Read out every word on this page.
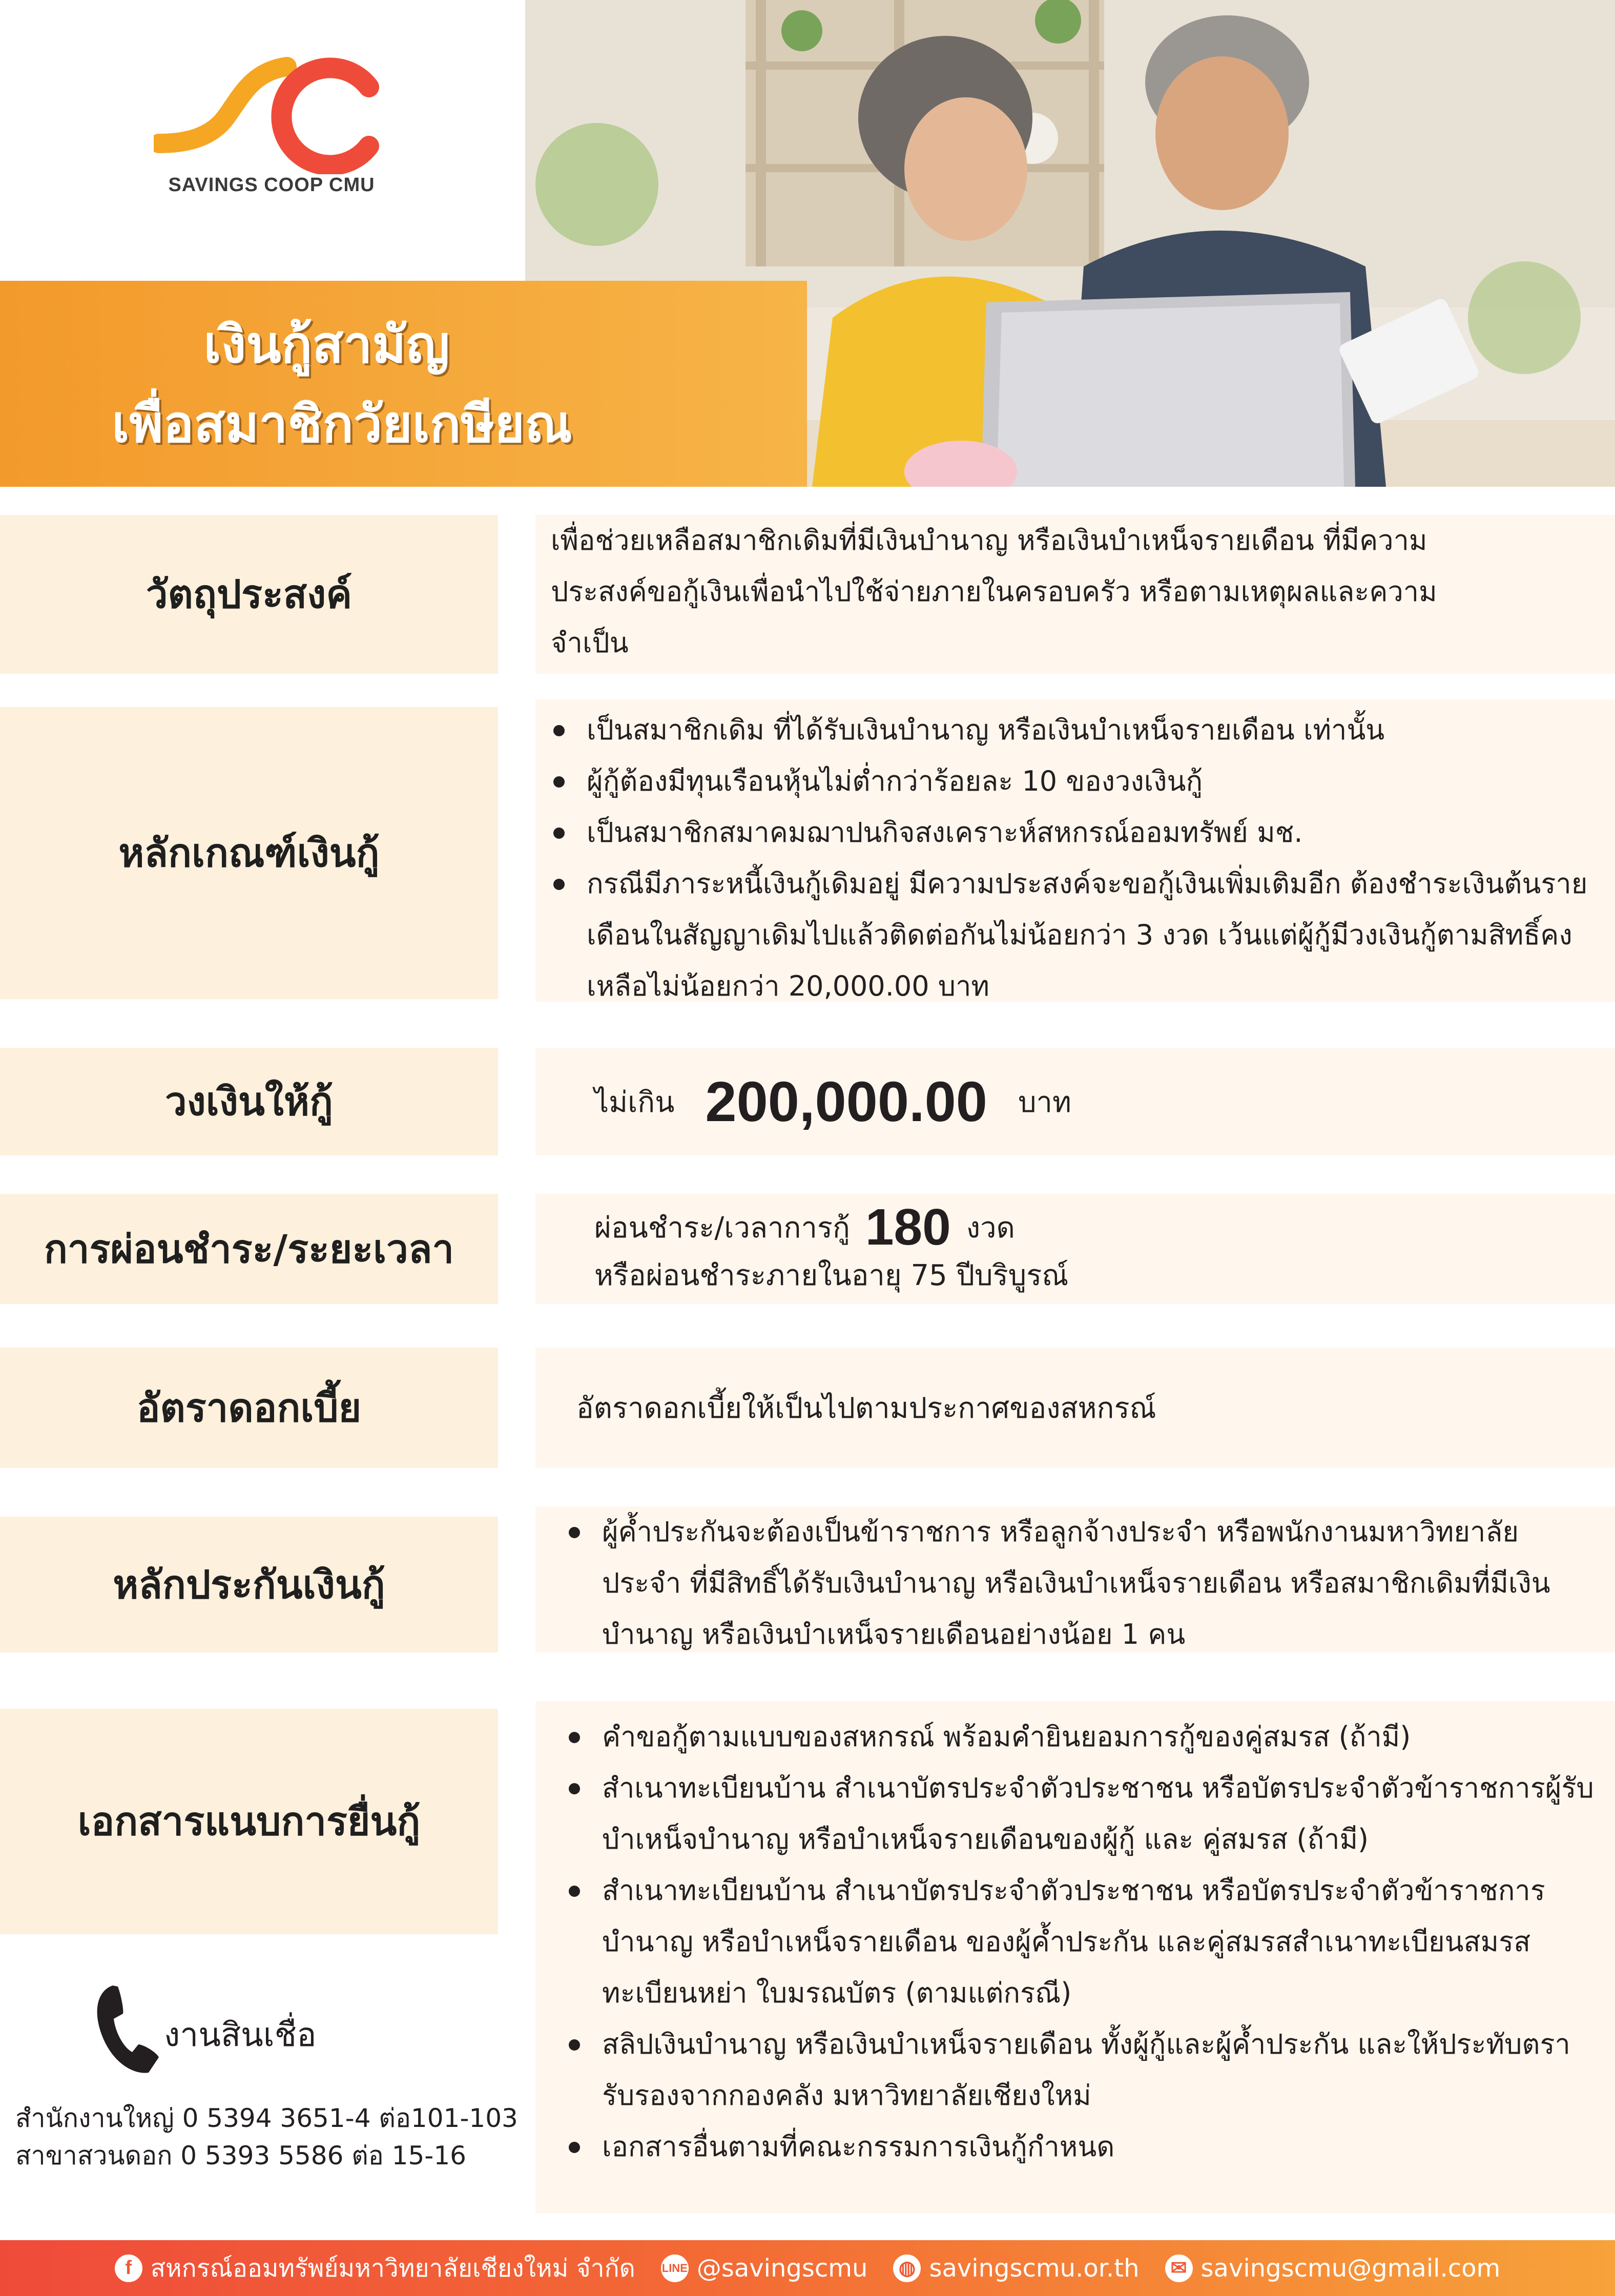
SAVINGS COOP CMU
เงินกู้สามัญ
เพื่อสมาชิกวัยเกษียณ
วัตถุประสงค์
เพื่อช่วยเหลือสมาชิกเดิมที่มีเงินบำนาญ หรือเงินบำเหน็จรายเดือน ที่มีความ
ประสงค์ขอกู้เงินเพื่อนำไปใช้จ่ายภายในครอบครัว หรือตามเหตุผลและความ
จำเป็น
หลักเกณฑ์เงินกู้
เป็นสมาชิกเดิม ที่ได้รับเงินบำนาญ หรือเงินบำเหน็จรายเดือน เท่านั้น
ผู้กู้ต้องมีทุนเรือนหุ้นไม่ต่ำกว่าร้อยละ 10 ของวงเงินกู้
เป็นสมาชิกสมาคมฌาปนกิจสงเคราะห์สหกรณ์ออมทรัพย์ มช.
กรณีมีภาระหนี้เงินกู้เดิมอยู่ มีความประสงค์จะขอกู้เงินเพิ่มเติมอีก ต้องชำระเงินต้นรายเดือนในสัญญาเดิมไปแล้วติดต่อกันไม่น้อยกว่า 3 งวด เว้นแต่ผู้กู้มีวงเงินกู้ตามสิทธิ์คงเหลือไม่น้อยกว่า 20,000.00 บาท
วงเงินให้กู้	ไม่เกิน 200,000.00 บาท
การผ่อนชำระ/ระยะเวลา	ผ่อนชำระ/เวลาการกู้ 180 งวด
หรือผ่อนชำระภายในอายุ 75 ปีบริบูรณ์
อัตราดอกเบี้ย	อัตราดอกเบี้ยให้เป็นไปตามประกาศของสหกรณ์
หลักประกันเงินกู้
ผู้ค้ำประกันจะต้องเป็นข้าราชการ หรือลูกจ้างประจำ หรือพนักงานมหาวิทยาลัยประจำ ที่มีสิทธิ์ได้รับเงินบำนาญ หรือเงินบำเหน็จรายเดือน หรือสมาชิกเดิมที่มีเงินบำนาญ หรือเงินบำเหน็จรายเดือนอย่างน้อย 1 คน
เอกสารแนบการยื่นกู้
คำขอกู้ตามแบบของสหกรณ์ พร้อมคำยินยอมการกู้ของคู่สมรส (ถ้ามี)
สำเนาทะเบียนบ้าน สำเนาบัตรประจำตัวประชาชน หรือบัตรประจำตัวข้าราชการผู้รับบำเหน็จบำนาญ หรือบำเหน็จรายเดือนของผู้กู้ และ คู่สมรส (ถ้ามี)
สำเนาทะเบียนบ้าน สำเนาบัตรประจำตัวประชาชน หรือบัตรประจำตัวข้าราชการบำนาญ หรือบำเหน็จรายเดือน ของผู้ค้ำประกัน และคู่สมรสสำเนาทะเบียนสมรส ทะเบียนหย่า ใบมรณบัตร (ตามแต่กรณี)
สลิปเงินบำนาญ หรือเงินบำเหน็จรายเดือน ทั้งผู้กู้และผู้ค้ำประกัน และให้ประทับตรารับรองจากกองคลัง มหาวิทยาลัยเชียงใหม่
เอกสารอื่นตามที่คณะกรรมการเงินกู้กำหนด
งานสินเชื่อ
สำนักงานใหญ่ 0 5394 3651-4 ต่อ101-103
สาขาสวนดอก 0 5393 5586 ต่อ 15-16
f สหกรณ์ออมทรัพย์มหาวิทยาลัยเชียงใหม่ จำกัด LINE @savingscmu ◍ savingscmu.or.th ✉ savingscmu@gmail.com
